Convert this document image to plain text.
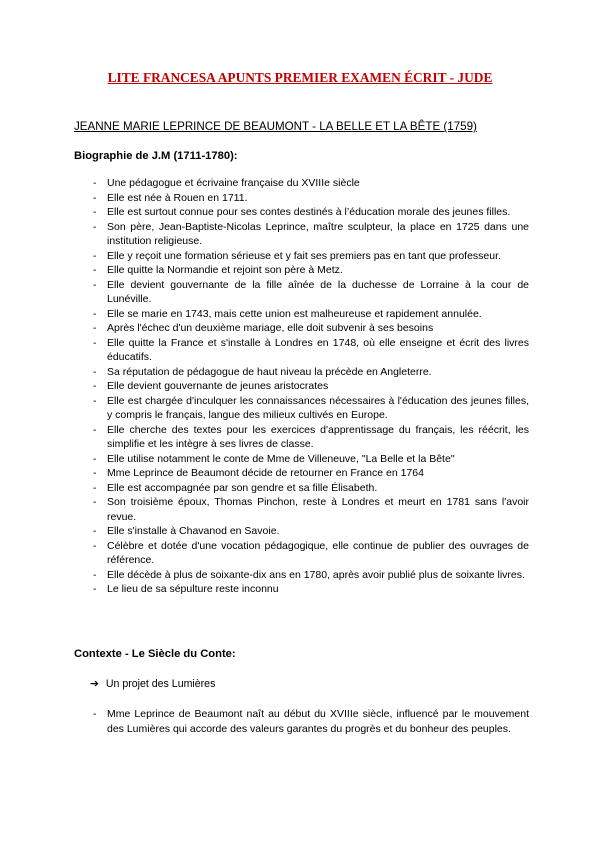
LITE FRANCESA APUNTS PREMIER EXAMEN ÉCRIT - JUDE
JEANNE MARIE LEPRINCE DE BEAUMONT - LA BELLE ET LA BÊTE (1759)
Biographie de J.M (1711-1780):
- Une pédagogue et écrivaine française du XVIIIe siècle
- Elle est née à Rouen en 1711.
- Elle est surtout connue pour ses contes destinés à l’éducation morale des jeunes filles.
- Son père, Jean-Baptiste-Nicolas Leprince, maître sculpteur, la place en 1725 dans une institution religieuse.
- Elle y reçoit une formation sérieuse et y fait ses premiers pas en tant que professeur.
- Elle quitte la Normandie et rejoint son père à Metz.
- Elle devient gouvernante de la fille aînée de la duchesse de Lorraine à la cour de Lunéville.
- Elle se marie en 1743, mais cette union est malheureuse et rapidement annulée.
- Après l'échec d'un deuxième mariage, elle doit subvenir à ses besoins
- Elle quitte la France et s'installe à Londres en 1748, où elle enseigne et écrit des livres éducatifs.
- Sa réputation de pédagogue de haut niveau la précède en Angleterre.
- Elle devient gouvernante de jeunes aristocrates
- Elle est chargée d'inculquer les connaissances nécessaires à l'éducation des jeunes filles, y compris le français, langue des milieux cultivés en Europe.
- Elle cherche des textes pour les exercices d'apprentissage du français, les réécrit, les simplifie et les intègre à ses livres de classe.
- Elle utilise notamment le conte de Mme de Villeneuve, "La Belle et la Bête"
- Mme Leprince de Beaumont décide de retourner en France en 1764
- Elle est accompagnée par son gendre et sa fille Élisabeth.
- Son troisième époux, Thomas Pinchon, reste à Londres et meurt en 1781 sans l'avoir revue.
- Elle s'installe à Chavanod en Savoie.
- Célèbre et dotée d'une vocation pédagogique, elle continue de publier des ouvrages de référence.
- Elle décède à plus de soixante-dix ans en 1780, après avoir publié plus de soixante livres.
- Le lieu de sa sépulture reste inconnu
Contexte - Le Siècle du Conte:
➔ Un projet des Lumières
-	Mme Leprince de Beaumont naît au début du XVIIIe siècle, influencé par le mouvement des Lumières qui accorde des valeurs garantes du progrès et du bonheur des peuples.
